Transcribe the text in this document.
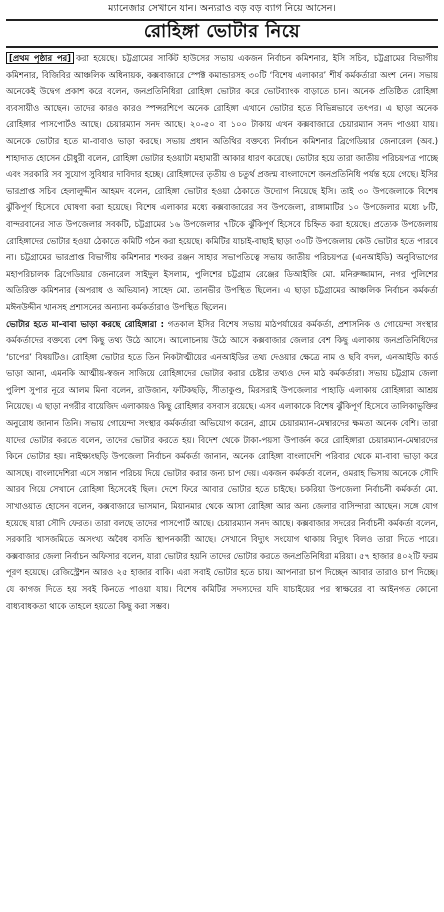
ম্যানেজার সেখানে যান। অন্যরাও বড় বড় ব্যাগ নিয়ে আসেন।
রোহিঙ্গা ভোটার নিয়ে

[প্রথম পৃষ্ঠার পর] করা হয়েছে। চট্টগ্রামের সার্কিট হাউসের সভায় একজন নির্বাচন কমিশনার, ইসি সচিব, চট্টগ্রামের বিভাগীয় কমিশনার, বিজিবির আঞ্চলিক অধিনায়ক, কক্সবাজারে স্পেক্ট কমান্ডারসহ ৩০টি ‘বিশেষ এলাকার’ শীর্ষ কর্মকর্তারা অংশ নেন। সভায় অনেকেই উদ্বেগ প্রকাশ করে বলেন, জনপ্রতিনিধিরা রোহিঙ্গা ভোটার করে ভোটব্যাংক বাড়াতে চান। অনেক প্রতিষ্ঠিত রোহিঙ্গা ব্যবসায়ীও আছেন। তাদের কারও কারও স্পন্সরশিপে অনেক রোহিঙ্গা এখানে ভোটার হতে বিভিন্নভাবে তৎপর। এ ছাড়া অনেক রোহিঙ্গার পাসপোর্টও আছে। চেয়ারম্যান সনদ আছে। ২০-৫০ বা ১০০ টাকায় এখন কক্সবাজারে চেয়ারম্যান সনদ পাওয়া যায়। অনেকে ভোটার হতে মা-বাবাও ভাড়া করছে। সভায় প্রধান অতিথির বক্তব্যে নির্বাচন কমিশনার ব্রিগেডিয়ার জেনারেল (অব.) শাহাদাত হোসেন চৌধুরী বলেন, রোহিঙ্গা ভোটার হওয়াটা মহামারী আকার ধারণ করেছে। ভোটার হয়ে তারা জাতীয় পরিচয়পত্র পাচ্ছে এবং সরকারি সব সুযোগ সুবিধার দাবিদার হচ্ছে। রোহিঙ্গাদের তৃতীয় ও চতুর্থ প্রজন্ম বাংলাদেশে জনপ্রতিনিধি পর্যন্ত হয়ে গেছে। ইসির ভারপ্রাপ্ত সচিব হেলালুদ্দীন আহমদ বলেন, রোহিঙ্গা ভোটার হওয়া ঠেকাতে উদ্যোগ নিয়েছে ইসি। তাই ৩০ উপজেলাকে বিশেষ ঝুঁকিপূর্ণ হিসেবে ঘোষণা করা হয়েছে। বিশেষ এলাকার মধ্যে কক্সবাজারের সব উপজেলা, রাঙ্গামাটির ১০ উপজেলার মধ্যে ৮টি, বান্দরবানের সাত উপজেলার সবকটি, চট্টগ্রামের ১৬ উপজেলার ৭টিকে ঝুঁকিপূর্ণ হিসেবে চিহ্নিত করা হয়েছে। প্রত্যেক উপজেলায় রোহিঙ্গাদের ভোটার হওয়া ঠেকাতে কমিটি গঠন করা হয়েছে। কমিটির যাচাই-বাছাই ছাড়া ৩০টি উপজেলায় কেউ ভোটার হতে পারবে না। চট্টগ্রামের ভারপ্রাপ্ত বিভাগীয় কমিশনার শংকর রঞ্জন সাহার সভাপতিত্বে সভায় জাতীয় পরিচয়পত্র (এনআইডি) অনুবিভাগের মহাপরিচালক ব্রিগেডিয়ার জেনারেল সাইদুল ইসলাম, পুলিশের চট্টগ্রাম রেঞ্জের ডিআইজি মো. মনিরুজ্জামান, নগর পুলিশের অতিরিক্ত কমিশনার (অপরাধ ও অভিযান) সাহেদ মো. তানভীর উপস্থিত ছিলেন। এ ছাড়া চট্টগ্রামের আঞ্চলিক নির্বাচন কর্মকর্তা মঈনউদ্দীন খানসহ প্রশাসনের অন্যান্য কর্মকর্তারাও উপস্থিত ছিলেন।

ভোটার হতে মা-বাবা ভাড়া করছে রোহিঙ্গারা : গতকাল ইসির বিশেষ সভায় মাঠপর্যায়ের কর্মকর্তা, প্রশাসনিক ও গোয়েন্দা সংস্থার কর্মকর্তাদের বক্তব্যে বেশ কিছু তথ্য উঠে আসে। আলোচনায় উঠে আসে কক্সবাজার জেলার বেশ কিছু এলাকায় জনপ্রতিনিধিদের ‘চাপের’ বিষয়টিও। রোহিঙ্গা ভোটার হতে তিন নিকটাত্মীয়ের এনআইডির তথ্য দেওয়ার ক্ষেত্রে নাম ও ছবি বদল, এনআইডি কার্ড ভাড়া আনা, এমনকি আত্মীয়-স্বজন সাজিয়ে রোহিঙ্গাদের ভোটার করার চেষ্টার তথ্যও দেন মাঠ কর্মকর্তারা। সভায় চট্টগ্রাম জেলা পুলিশ সুপার নূরে আলম মিনা বলেন, রাউজান, ফটিকছড়ি, সীতাকুণ্ড, মিরসরাই উপজেলার পাহাড়ি এলাকায় রোহিঙ্গারা আশ্রয় নিয়েছে। এ ছাড়া নগরীর বায়েজিদ এলাকায়ও কিছু রোহিঙ্গার বসবাস রয়েছে। এসব এলাকাকে বিশেষ ঝুঁকিপূর্ণ হিসেবে তালিকাভুক্তির অনুরোধ জানান তিনি। সভায় গোয়েন্দা সংস্থার কর্মকর্তারা অভিযোগ করেন, গ্রামে চেয়ারম্যান-মেম্বারদের ক্ষমতা অনেক বেশি। তারা যাদের ভোটার করতে বলেন, তাদের ভোটার করতে হয়। বিদেশ থেকে টাকা-পয়সা উপার্জন করে রোহিঙ্গারা চেয়ারম্যান-মেম্বারদের কিনে ভোটার হয়। নাইক্ষ্যংছড়ি উপজেলা নির্বাচন কর্মকর্তা জানান, অনেক রোহিঙ্গা বাংলাদেশি পরিবার থেকে মা-বাবা ভাড়া করে আসছে। বাংলাদেশিরা এসে সন্তান পরিচয় দিয়ে ভোটার করার জন্য চাপ দেয়। একজন কর্মকর্তা বলেন, ওমরাহ ভিসায় অনেকে সৌদি আরব গিয়ে সেখানে রোহিঙ্গা হিসেবেই ছিল। দেশে ফিরে আবার ভোটার হতে চাইছে। চকরিয়া উপজেলা নির্বাচনী কর্মকর্তা মো. সাখাওয়াত হোসেন বলেন, কক্সবাজারে ভাসমান, মিয়ানমার থেকে আসা রোহিঙ্গা আর অন্য জেলার বাসিন্দারা আছেন। সঙ্গে যোগ হয়েছে যারা সৌদি ফেরত। তারা বলছে তাদের পাসপোর্ট আছে। চেয়ারম্যান সনদ আছে। কক্সবাজার সদরের নির্বাচনী কর্মকর্তা বলেন, সরকারি খাসজমিতে অসংখ্য অবৈধ বসতি স্থাপনকারী আছে। সেখানে বিদ্যুৎ সংযোগ থাকায় বিদ্যুৎ বিলও তারা দিতে পারে। কক্সবাজার জেলা নির্বাচন অফিসার বলেন, যারা ভোটার হয়নি তাদের ভোটার করতে জনপ্রতিনিধিরা মরিয়া। ৫৭ হাজার ৪০২টি ফরম পূরণ হয়েছে। রেজিস্ট্রেশন আরও ২৫ হাজার বাকি। এরা সবাই ভোটার হতে চায়। আপনারা চাপ দিচ্ছেন আবার তারাও চাপ দিচ্ছে। যে কাগজ দিতে হয় সবই কিনতে পাওয়া যায়। বিশেষ কমিটির সদস্যদের যদি যাচাইয়ের পর স্বাক্ষরের বা আইনগত কোনো বাধ্যবাধকতা থাকে তাহলে হয়তো কিছু করা সম্ভব।
